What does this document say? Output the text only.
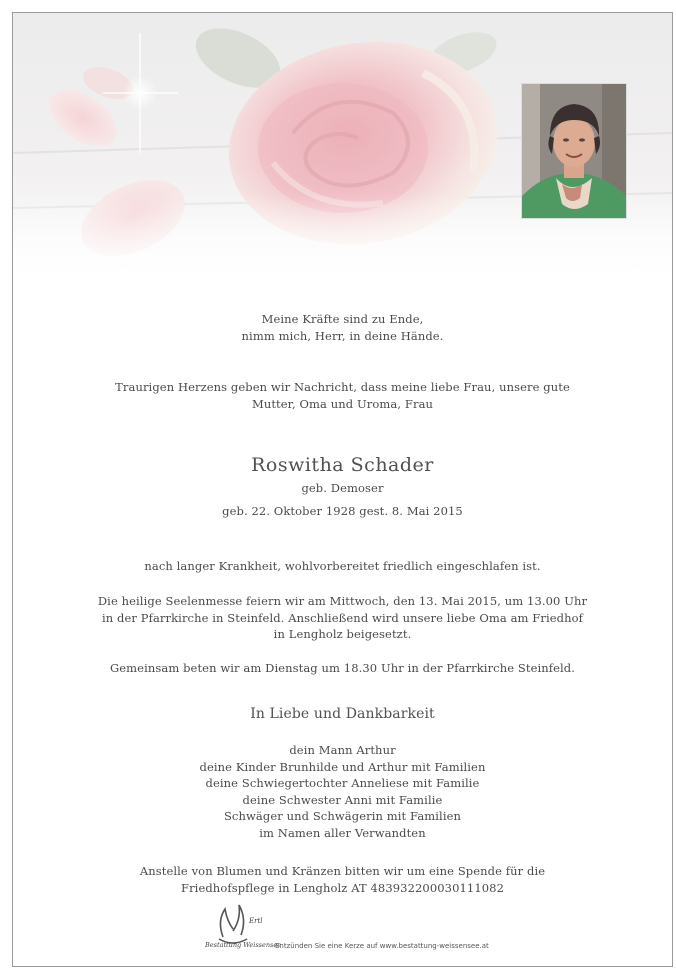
Meine Kräfte sind zu Ende,
nimm mich, Herr, in deine Hände.
Traurigen Herzens geben wir Nachricht, dass meine liebe Frau, unsere gute
Mutter, Oma und Uroma, Frau
Roswitha Schader
geb. Demoser
geb. 22. Oktober 1928 gest. 8. Mai 2015
nach langer Krankheit, wohlvorbereitet friedlich eingeschlafen ist.
Die heilige Seelenmesse feiern wir am Mittwoch, den 13. Mai 2015, um 13.00 Uhr
in der Pfarrkirche in Steinfeld. Anschließend wird unsere liebe Oma am Friedhof
in Lengholz beigesetzt.
Gemeinsam beten wir am Dienstag um 18.30 Uhr in der Pfarrkirche Steinfeld.
In Liebe und Dankbarkeit
dein Mann Arthur
deine Kinder Brunhilde und Arthur mit Familien
deine Schwiegertochter Anneliese mit Familie
deine Schwester Anni mit Familie
Schwäger und Schwägerin mit Familien
im Namen aller Verwandten
Anstelle von Blumen und Kränzen bitten wir um eine Spende für die
Friedhofspflege in Lengholz AT 483932200030111082
Ertl
Bestattung Weissensee
Entzünden Sie eine Kerze auf www.bestattung-weissensee.at
